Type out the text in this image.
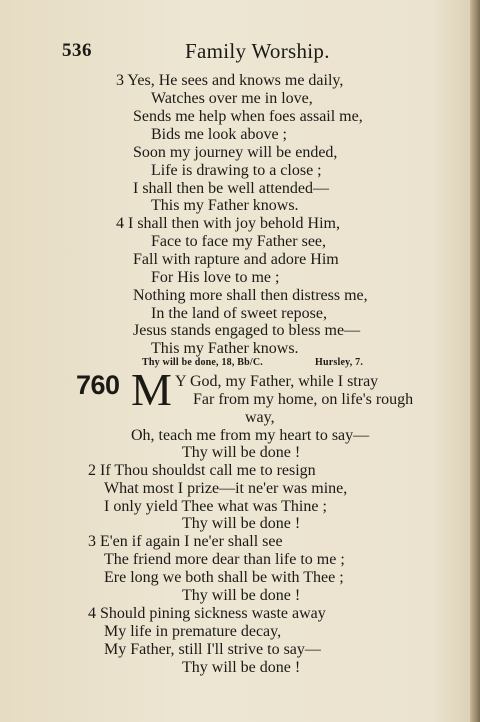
536	Family Worship.
3 Yes, He sees and knows me daily,
Watches over me in love,
Sends me help when foes assail me,
Bids me look above ;
Soon my journey will be ended,
Life is drawing to a close ;
I shall then be well attended—
This my Father knows.
4 I shall then with joy behold Him,
Face to face my Father see,
Fall with rapture and adore Him
For His love to me ;
Nothing more shall then distress me,
In the land of sweet repose,
Jesus stands engaged to bless me—
This my Father knows.
Thy will be done, 18, Bb/C.	Hursley, 7.
760 M Y God, my Father, while I stray
Far from my home, on life's rough
way,
Oh, teach me from my heart to say—
Thy will be done !
2 If Thou shouldst call me to resign
What most I prize—it ne'er was mine,
I only yield Thee what was Thine ;
Thy will be done !
3 E'en if again I ne'er shall see
The friend more dear than life to me ;
Ere long we both shall be with Thee ;
Thy will be done !
4 Should pining sickness waste away
My life in premature decay,
My Father, still I'll strive to say—
Thy will be done !
